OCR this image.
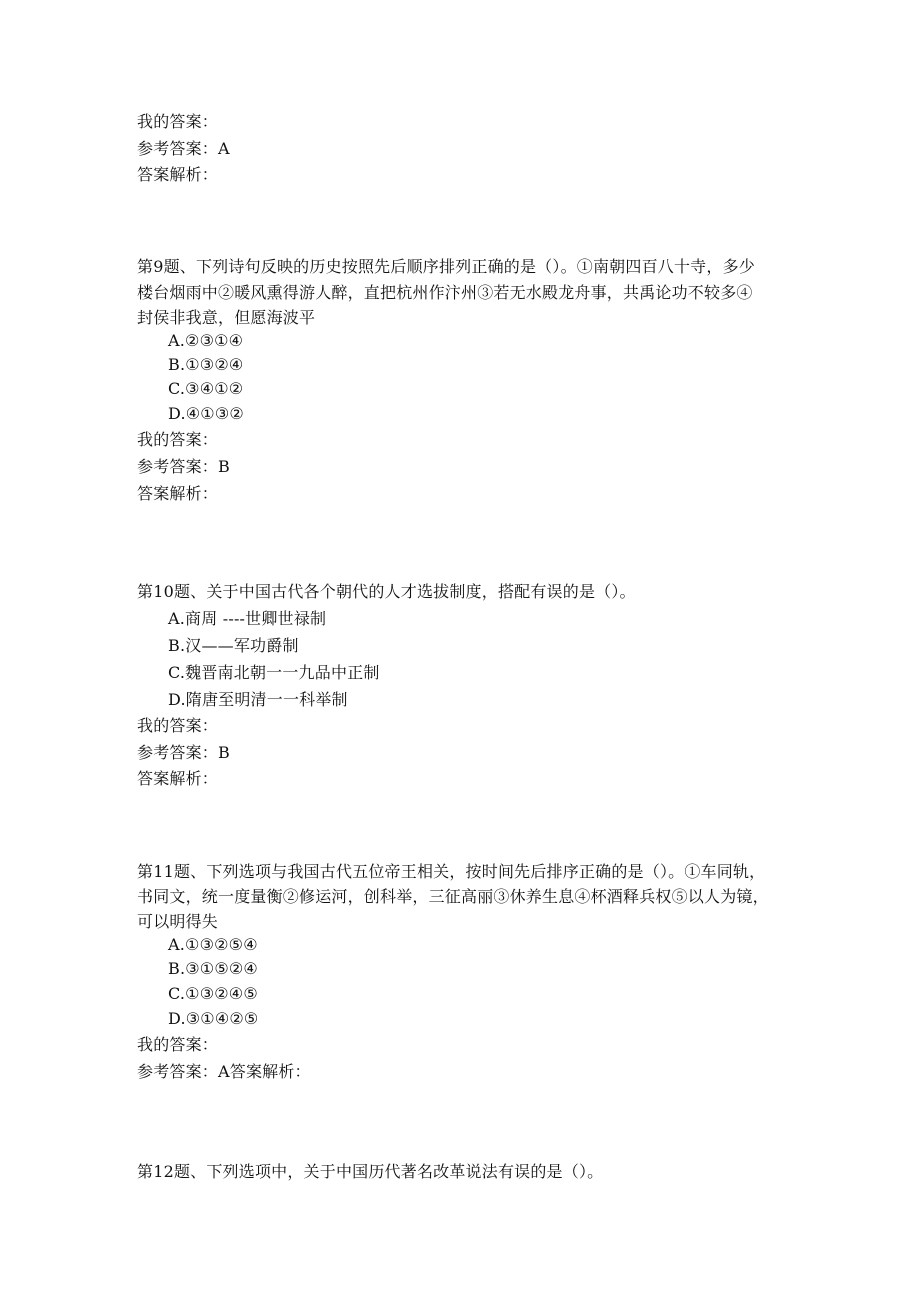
我的答案：
参考答案：A
答案解析：
第9题、下列诗句反映的历史按照先后顺序排列正确的是（）。①南朝四百八十寺，多少
楼台烟雨中②暖风熏得游人醉，直把杭州作汴州③若无水殿龙舟事，共禹论功不较多④
封侯非我意，但愿海波平
A.②③①④
B.①③②④
C.③④①②
D.④①③②
我的答案：
参考答案：B
答案解析：
第10题、关于中国古代各个朝代的人才选拔制度，搭配有误的是（）。
A.商周 ----世卿世禄制
B.汉——军功爵制
C.魏晋南北朝一一九品中正制
D.隋唐至明清一一科举制
我的答案：
参考答案：B
答案解析：
第11题、下列选项与我国古代五位帝王相关，按时间先后排序正确的是（）。①车同轨，
书同文，统一度量衡②修运河，创科举，三征高丽③休养生息④杯酒释兵权⑤以人为镜，
可以明得失
A.①③②⑤④
B.③①⑤②④
C.①③②④⑤
D.③①④②⑤
我的答案：
参考答案：A答案解析：
第12题、下列选项中，关于中国历代著名改革说法有误的是（）。
